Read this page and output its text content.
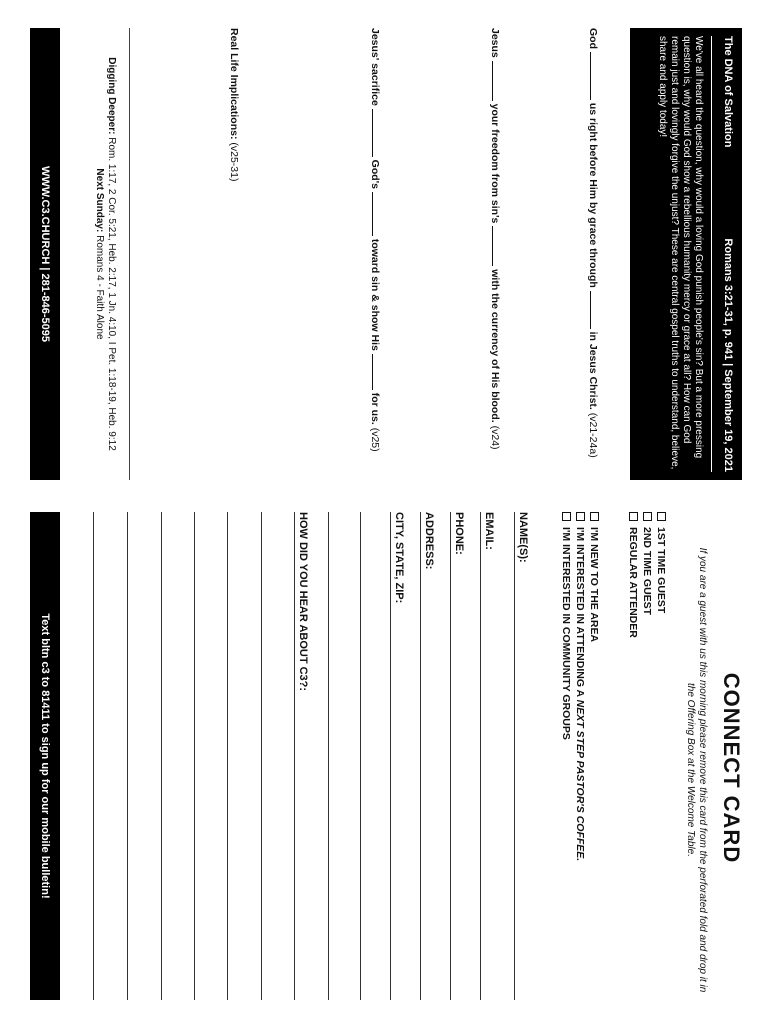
The DNA of Salvation
Romans 3:21-31, p. 941 | September 19, 2021
We've all heard the question, why would a loving God punish people's sin? But a more pressing question is, why would God show a rebellious humanity mercy or grace at all? How can God remain just and lovingly forgive the unjust? These are central gospel truths to understand, believe, share and apply today!
God  us right before Him by grace through  in Jesus Christ. (v21-24a)
Jesus  your freedom from sin's  with the currency of His blood. (v24)
Jesus' sacrifice  God's  toward sin & show His  for us. (v25)
Real Life Implications: (v25-31)
Digging Deeper: Rom. 1:17, 2 Cor. 5:21, Heb. 2:17, 1 Jn. 4:10, I Pet. 1:18-19, Heb. 9:12
Next Sunday: Romans 4 - Faith Alone
WWW.C3.CHURCH | 281-846-5095
CONNECT CARD
If you are a guest with us this morning please remove this card from the perforated fold and drop it in the Offering Box at the Welcome Table.
1ST TIME GUEST
2ND TIME GUEST
REGULAR ATTENDER
I'M NEW TO THE AREA
I'M INTERESTED IN ATTENDING A NEXT STEP PASTOR'S COFFEE.
I'M INTERESTED IN COMMUNITY GROUPS
NAME(S):
EMAIL:
PHONE:
ADDRESS:
CITY, STATE, ZIP:
HOW DID YOU HEAR ABOUT C3?:
Text bltn c3 to 81411 to sign up for our mobile bulletin!
